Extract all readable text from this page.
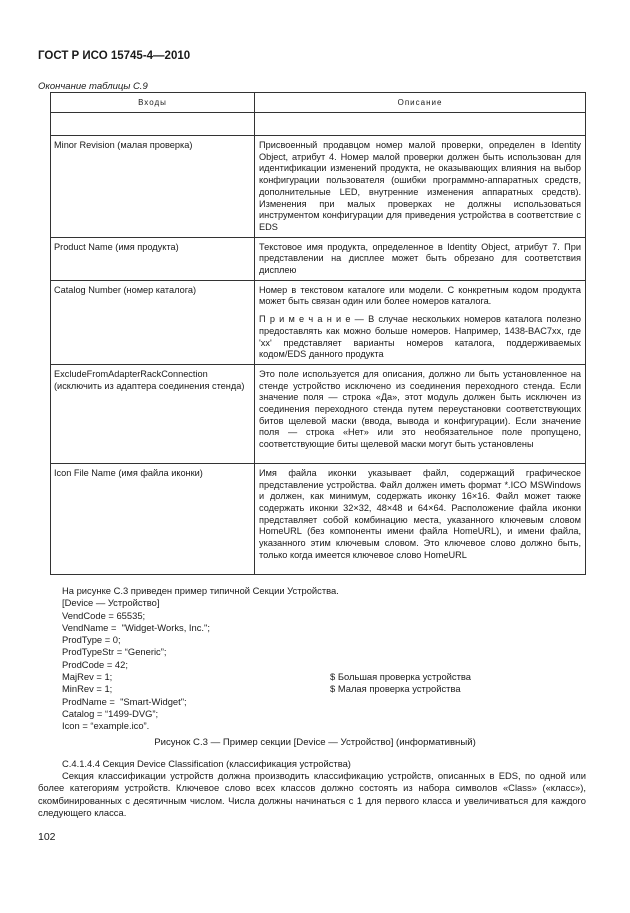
ГОСТ Р ИСО 15745-4—2010
Окончание таблицы С.9
Входы	Описание

Minor Revision (малая проверка)	Присвоенный продавцом номер малой проверки, определен в Identity Object, атрибут 4. Номер малой проверки должен быть использован для идентификации изменений продукта, не оказывающих влияния на выбор конфигурации пользователя (ошибки программно-аппаратных средств, дополнительные LED, внутренние изменения аппаратных средств). Изменения при малых проверках не должны использоваться инструментом конфигурации для приведения устройства в соответствие с EDS

Product Name (имя продукта)	Текстовое имя продукта, определенное в Identity Object, атрибут 7. При представлении на дисплее может быть обрезано для соответствия дисплею

Catalog Number (номер каталога)	Номер в текстовом каталоге или модели. С конкретным кодом продукта может быть связан один или более номеров каталога.

П р и м е ч а н и е — В случае нескольких номеров каталога полезно предоставлять как можно больше номеров. Например, 1438-BAC7xx, где 'xx' представляет варианты номеров каталога, поддерживаемых кодом/EDS данного продукта

ExcludeFromAdapterRackConnection (исключить из адаптера соединения стенда)	Это поле используется для описания, должно ли быть установленное на стенде устройство исключено из соединения переходного стенда. Если значение поля — строка «Да», этот модуль должен быть исключен из соединения переходного стенда путем переустановки соответствующих битов щелевой маски (ввода, вывода и конфигурации). Если значение поля — строка «Нет» или это необязательное поле пропущено, соответствующие биты щелевой маски могут быть установлены

Icon File Name (имя файла иконки)	Имя файла иконки указывает файл, содержащий графическое представление устройства. Файл должен иметь формат *.ICO MSWindows и должен, как минимум, содержать иконку 16×16. Файл может также содержать иконки 32×32, 48×48 и 64×64. Расположение файла иконки представляет собой комбинацию места, указанного ключевым словом HomeURL (без компоненты имени файла HomeURL), и имени файла, указанного этим ключевым словом. Это ключевое слово должно быть, только когда имеется ключевое слово HomeURL

На рисунке С.3 приведен пример типичной Секции Устройства.
[Device — Устройство]
VendCode = 65535;
VendName =  "Widget-Works, Inc.";
ProdType = 0;
ProdTypeStr = “Generic”;
ProdCode = 42;
MajRev = 1;
MinRev = 1;
ProdName =  "Smart-Widget";
Catalog = “1499-DVG”;
Icon = “example.ico”.
$ Большая проверка устройства
$ Малая проверка устройства
Рисунок С.3 — Пример секции [Device — Устройство] (информативный)
С.4.1.4.4 Секция Device Classification (классификация устройства)
Секция классификации устройств должна производить классификацию устройств, описанных в EDS, по одной или более категориям устройств. Ключевое слово всех классов должно состоять из набора символов «Class» («класс»), скомбинированных с десятичным числом. Числа должны начинаться с 1 для первого класса и увеличиваться для каждого следующего класса.
102
